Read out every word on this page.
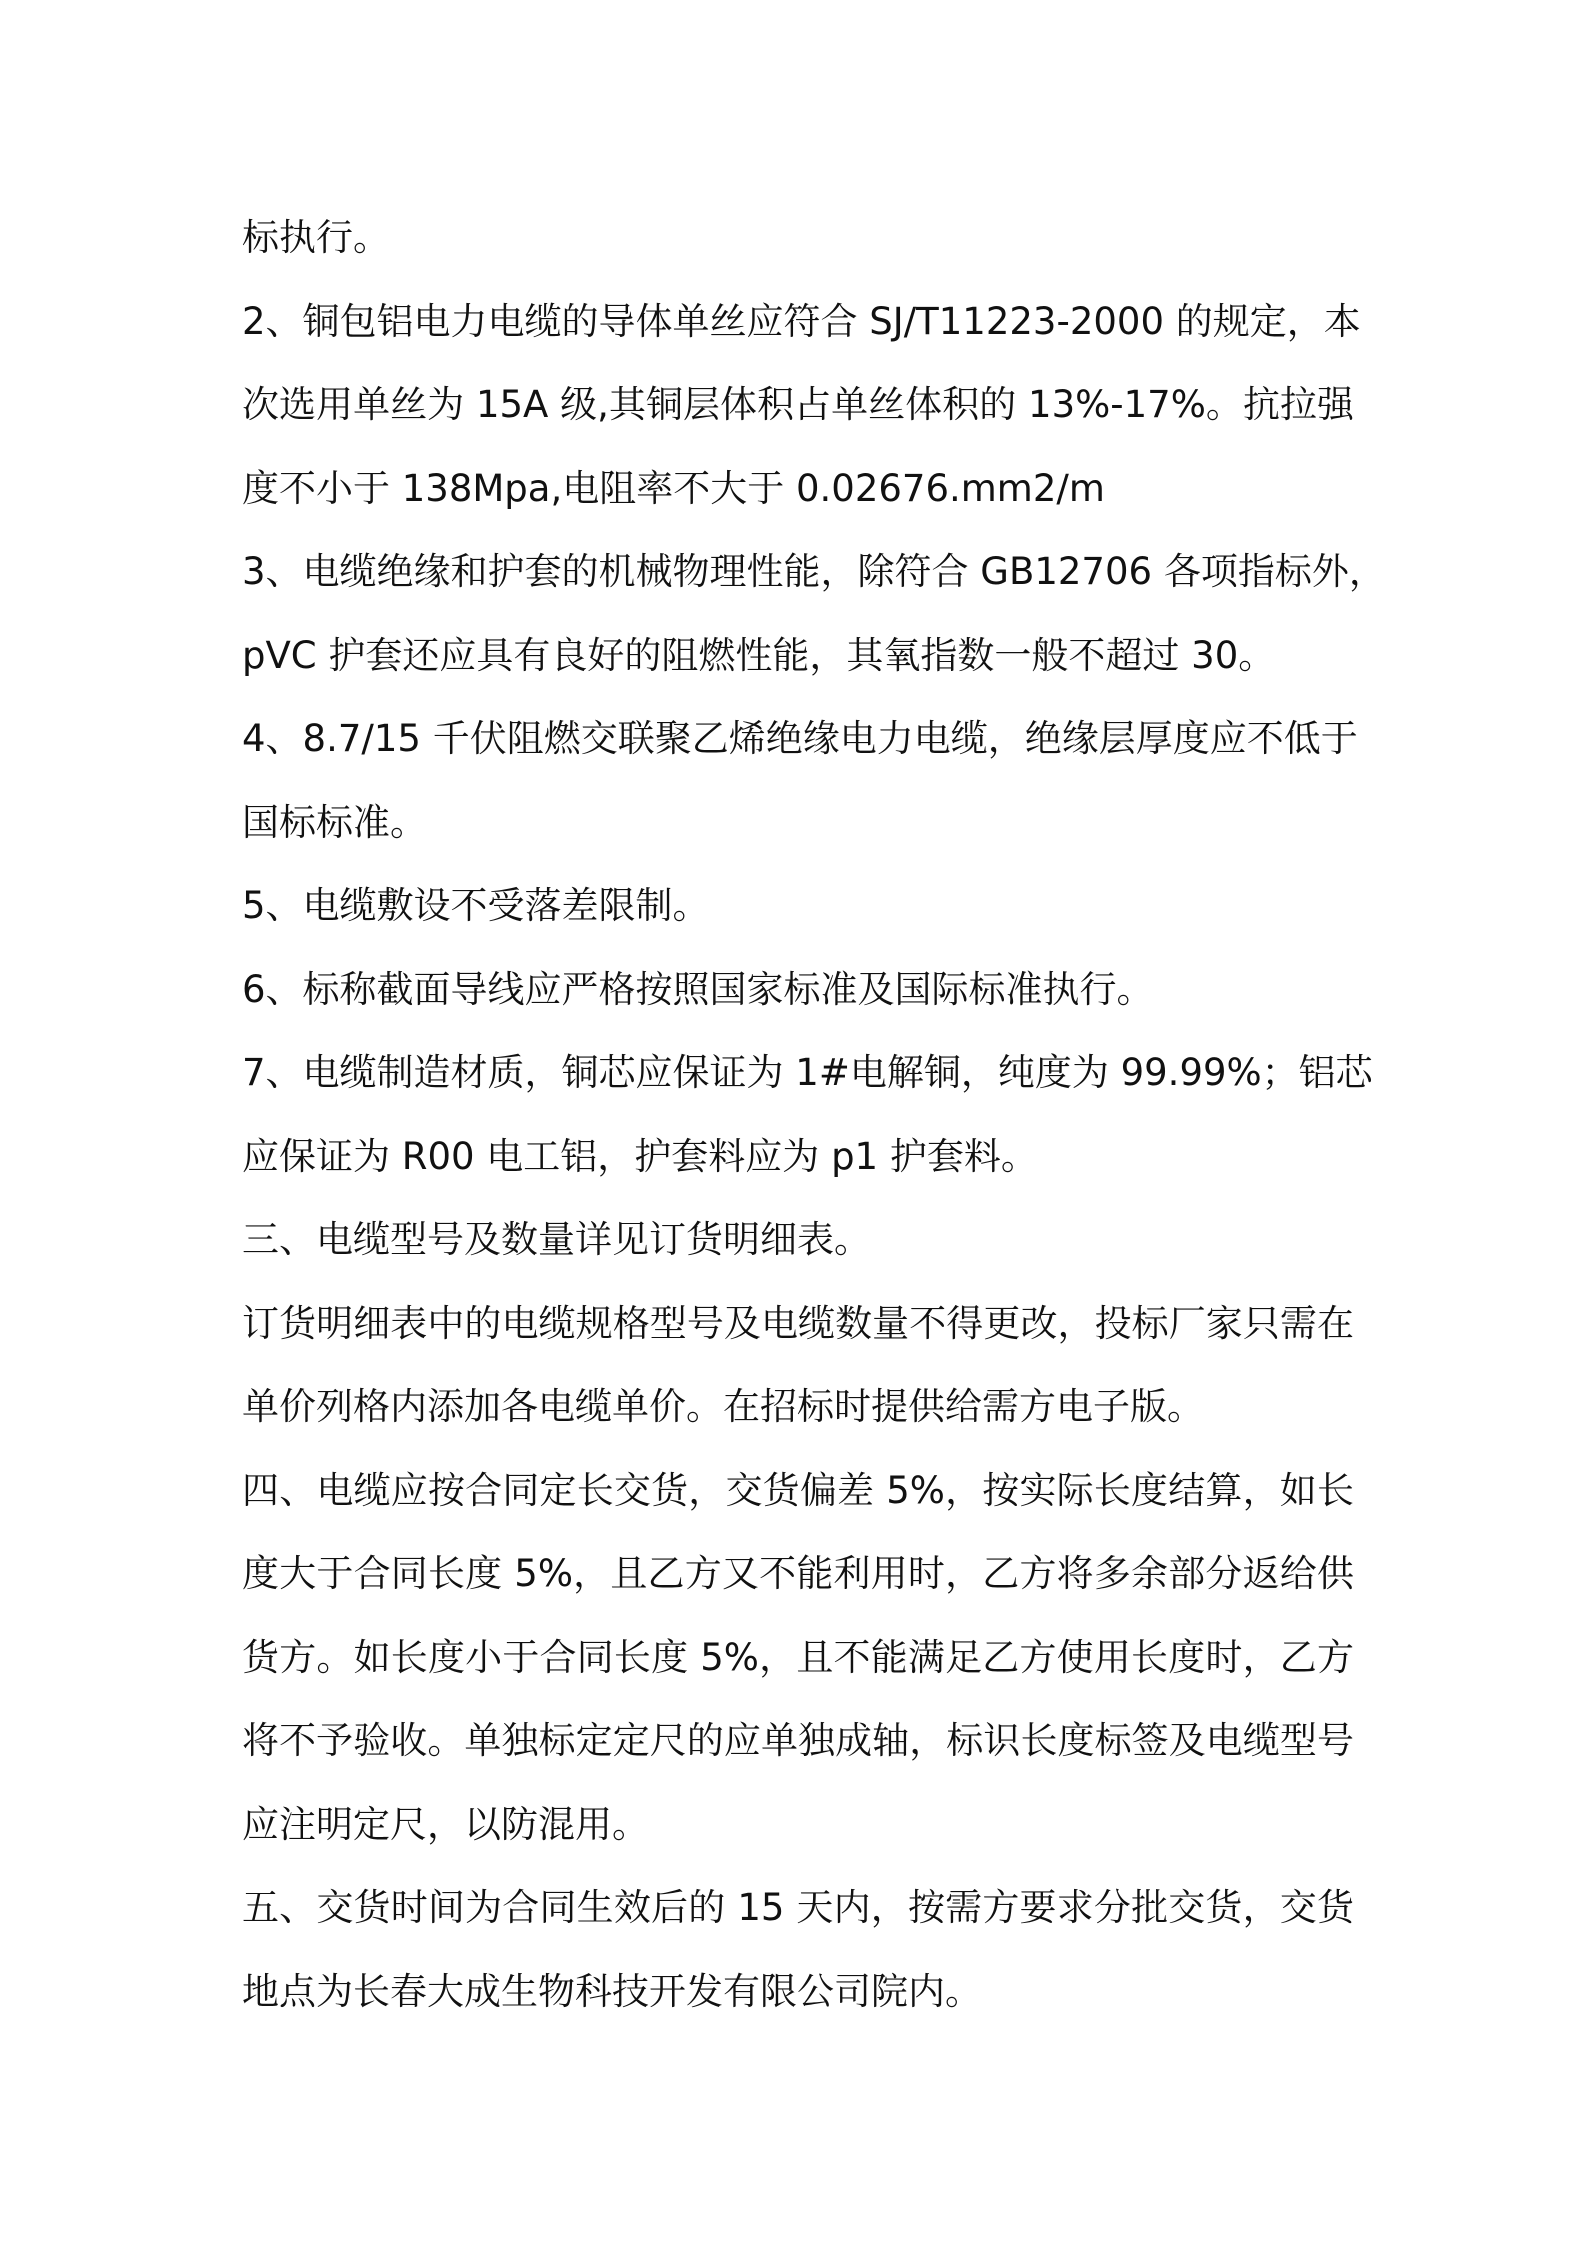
标执行。
2、铜包铝电力电缆的导体单丝应符合 SJ/T11223-2000 的规定，本
次选用单丝为 15A 级,其铜层体积占单丝体积的 13%-17%。抗拉强
度不小于 138Mpa,电阻率不大于 0.02676.mm2/m
3、电缆绝缘和护套的机械物理性能，除符合 GB12706 各项指标外，
pVC 护套还应具有良好的阻燃性能，其氧指数一般不超过 30。
4、8.7/15 千伏阻燃交联聚乙烯绝缘电力电缆，绝缘层厚度应不低于
国标标准。
5、电缆敷设不受落差限制。
6、标称截面导线应严格按照国家标准及国际标准执行。
7、电缆制造材质，铜芯应保证为 1#电解铜，纯度为 99.99%；铝芯
应保证为 R00 电工铝，护套料应为 p1 护套料。
三、电缆型号及数量详见订货明细表。
订货明细表中的电缆规格型号及电缆数量不得更改，投标厂家只需在
单价列格内添加各电缆单价。在招标时提供给需方电子版。
四、电缆应按合同定长交货，交货偏差 5%，按实际长度结算，如长
度大于合同长度 5%，且乙方又不能利用时，乙方将多余部分返给供
货方。如长度小于合同长度 5%，且不能满足乙方使用长度时，乙方
将不予验收。单独标定定尺的应单独成轴，标识长度标签及电缆型号
应注明定尺，以防混用。
五、交货时间为合同生效后的 15 天内，按需方要求分批交货，交货
地点为长春大成生物科技开发有限公司院内。
